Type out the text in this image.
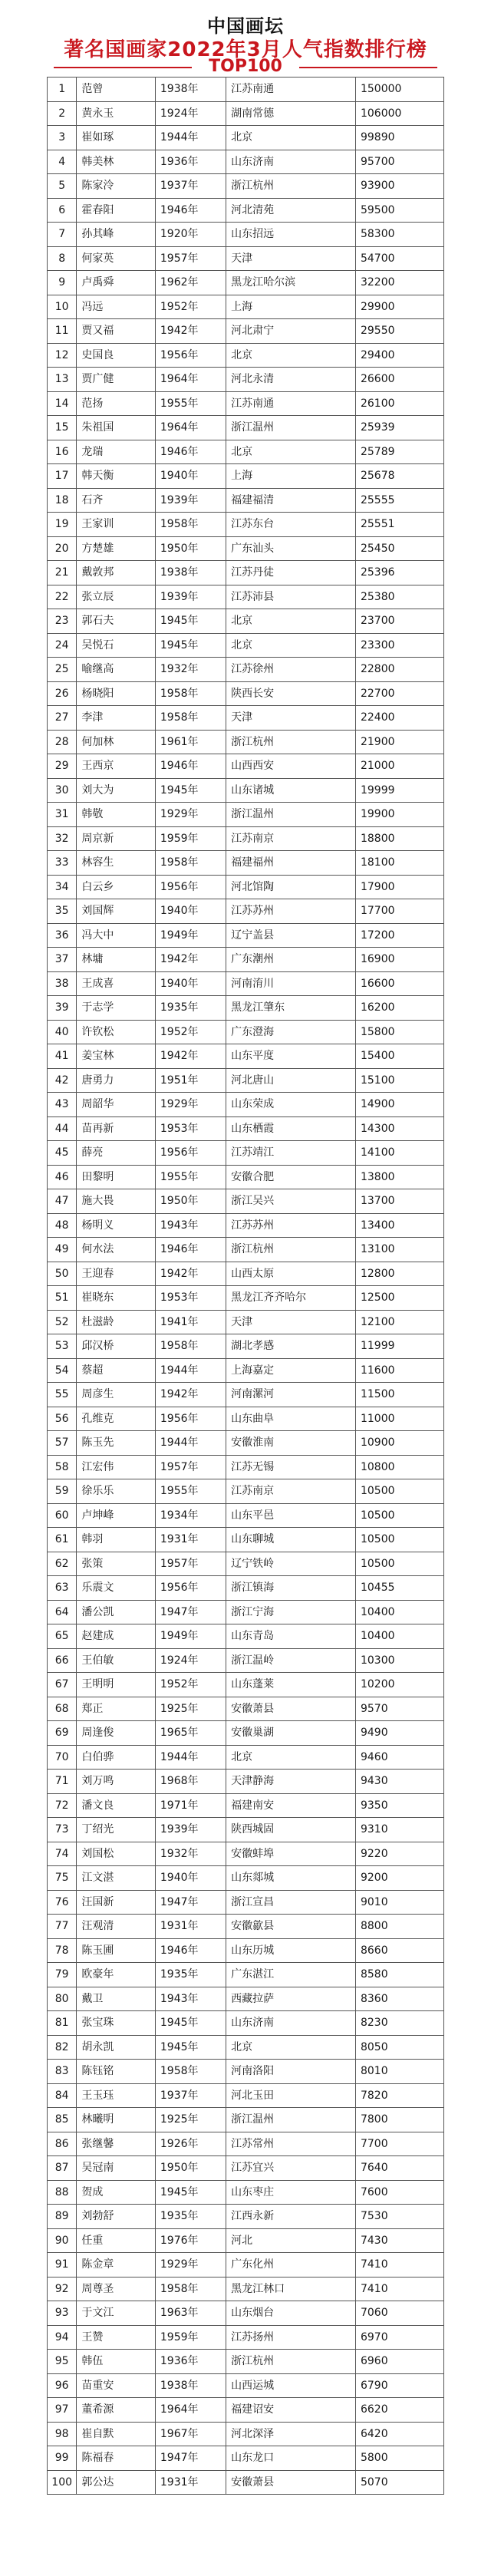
中国画坛
著名国画家2022年3月人气指数排行榜
TOP100
1	范曾	1938年	江苏南通	150000
2	黄永玉	1924年	湖南常德	106000
3	崔如琢	1944年	北京	99890
4	韩美林	1936年	山东济南	95700
5	陈家泠	1937年	浙江杭州	93900
6	霍春阳	1946年	河北清苑	59500
7	孙其峰	1920年	山东招远	58300
8	何家英	1957年	天津	54700
9	卢禹舜	1962年	黑龙江哈尔滨	32200
10	冯远	1952年	上海	29900
11	贾又福	1942年	河北肃宁	29550
12	史国良	1956年	北京	29400
13	贾广健	1964年	河北永清	26600
14	范扬	1955年	江苏南通	26100
15	朱祖国	1964年	浙江温州	25939
16	龙瑞	1946年	北京	25789
17	韩天衡	1940年	上海	25678
18	石齐	1939年	福建福清	25555
19	王家训	1958年	江苏东台	25551
20	方楚雄	1950年	广东汕头	25450
21	戴敦邦	1938年	江苏丹徒	25396
22	张立辰	1939年	江苏沛县	25380
23	郭石夫	1945年	北京	23700
24	吴悦石	1945年	北京	23300
25	喻继高	1932年	江苏徐州	22800
26	杨晓阳	1958年	陕西长安	22700
27	李津	1958年	天津	22400
28	何加林	1961年	浙江杭州	21900
29	王西京	1946年	山西西安	21000
30	刘大为	1945年	山东诸城	19999
31	韩敬	1929年	浙江温州	19900
32	周京新	1959年	江苏南京	18800
33	林容生	1958年	福建福州	18100
34	白云乡	1956年	河北馆陶	17900
35	刘国辉	1940年	江苏苏州	17700
36	冯大中	1949年	辽宁盖县	17200
37	林墉	1942年	广东潮州	16900
38	王成喜	1940年	河南淯川	16600
39	于志学	1935年	黑龙江肇东	16200
40	许钦松	1952年	广东澄海	15800
41	姜宝林	1942年	山东平度	15400
42	唐勇力	1951年	河北唐山	15100
43	周韶华	1929年	山东荣成	14900
44	苗再新	1953年	山东栖霞	14300
45	薛亮	1956年	江苏靖江	14100
46	田黎明	1955年	安徽合肥	13800
47	施大畏	1950年	浙江吴兴	13700
48	杨明义	1943年	江苏苏州	13400
49	何水法	1946年	浙江杭州	13100
50	王迎春	1942年	山西太原	12800
51	崔晓东	1953年	黑龙江齐齐哈尔	12500
52	杜滋龄	1941年	天津	12100
53	邱汉桥	1958年	湖北孝感	11999
54	蔡超	1944年	上海嘉定	11600
55	周彦生	1942年	河南漯河	11500
56	孔维克	1956年	山东曲阜	11000
57	陈玉先	1944年	安徽淮南	10900
58	江宏伟	1957年	江苏无锡	10800
59	徐乐乐	1955年	江苏南京	10500
60	卢坤峰	1934年	山东平邑	10500
61	韩羽	1931年	山东聊城	10500
62	张策	1957年	辽宁铁岭	10500
63	乐震文	1956年	浙江镇海	10455
64	潘公凯	1947年	浙江宁海	10400
65	赵建成	1949年	山东青岛	10400
66	王伯敏	1924年	浙江温岭	10300
67	王明明	1952年	山东蓬莱	10200
68	郑正	1925年	安徽萧县	9570
69	周逢俊	1965年	安徽巢湖	9490
70	白伯骅	1944年	北京	9460
71	刘万鸣	1968年	天津静海	9430
72	潘文良	1971年	福建南安	9350
73	丁绍光	1939年	陕西城固	9310
74	刘国松	1932年	安徽蚌埠	9220
75	江文湛	1940年	山东郯城	9200
76	汪国新	1947年	浙江宣昌	9010
77	汪观清	1931年	安徽歙县	8800
78	陈玉圃	1946年	山东历城	8660
79	欧豪年	1935年	广东湛江	8580
80	戴卫	1943年	西藏拉萨	8360
81	张宝珠	1945年	山东济南	8230
82	胡永凯	1945年	北京	8050
83	陈钰铭	1958年	河南洛阳	8010
84	王玉珏	1937年	河北玉田	7820
85	林曦明	1925年	浙江温州	7800
86	张继馨	1926年	江苏常州	7700
87	吴冠南	1950年	江苏宜兴	7640
88	贺成	1945年	山东枣庄	7600
89	刘勃舒	1935年	江西永新	7530
90	任重	1976年	河北	7430
91	陈金章	1929年	广东化州	7410
92	周尊圣	1958年	黑龙江林口	7410
93	于文江	1963年	山东烟台	7060
94	王赞	1959年	江苏扬州	6970
95	韩伍	1936年	浙江杭州	6960
96	苗重安	1938年	山西运城	6790
97	董希源	1964年	福建诏安	6620
98	崔自默	1967年	河北深泽	6420
99	陈福春	1947年	山东龙口	5800
100	郭公达	1931年	安徽萧县	5070
